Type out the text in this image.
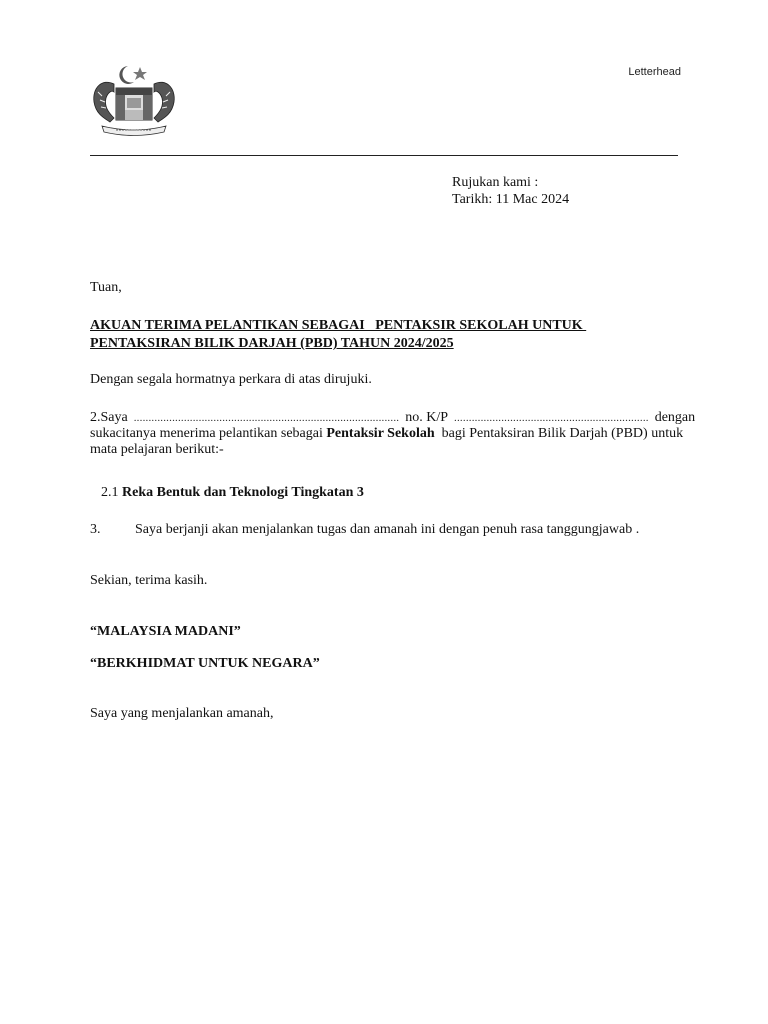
Letterhead
Rujukan kami :
Tarikh: 11 Mac 2024
Tuan,
AKUAN TERIMA PELANTIKAN SEBAGAI   PENTAKSIR SEKOLAH UNTUK
PENTAKSIRAN BILIK DARJAH (PBD) TAHUN 2024/2025
Dengan segala hormatnya perkara di atas dirujuki.
2. Saya .......................................................................................... no. K/P .................................................................. dengan
sukacitanya menerima pelantikan sebagai Pentaksir Sekolah  bagi Pentaksiran Bilik Darjah (PBD) untuk
mata pelajaran berikut:-
2.1 Reka Bentuk dan Teknologi Tingkatan 3
3.	Saya berjanji akan menjalankan tugas dan amanah ini dengan penuh rasa tanggungjawab .
Sekian, terima kasih.
“MALAYSIA MADANI”
“BERKHIDMAT UNTUK NEGARA”
Saya yang menjalankan amanah,
